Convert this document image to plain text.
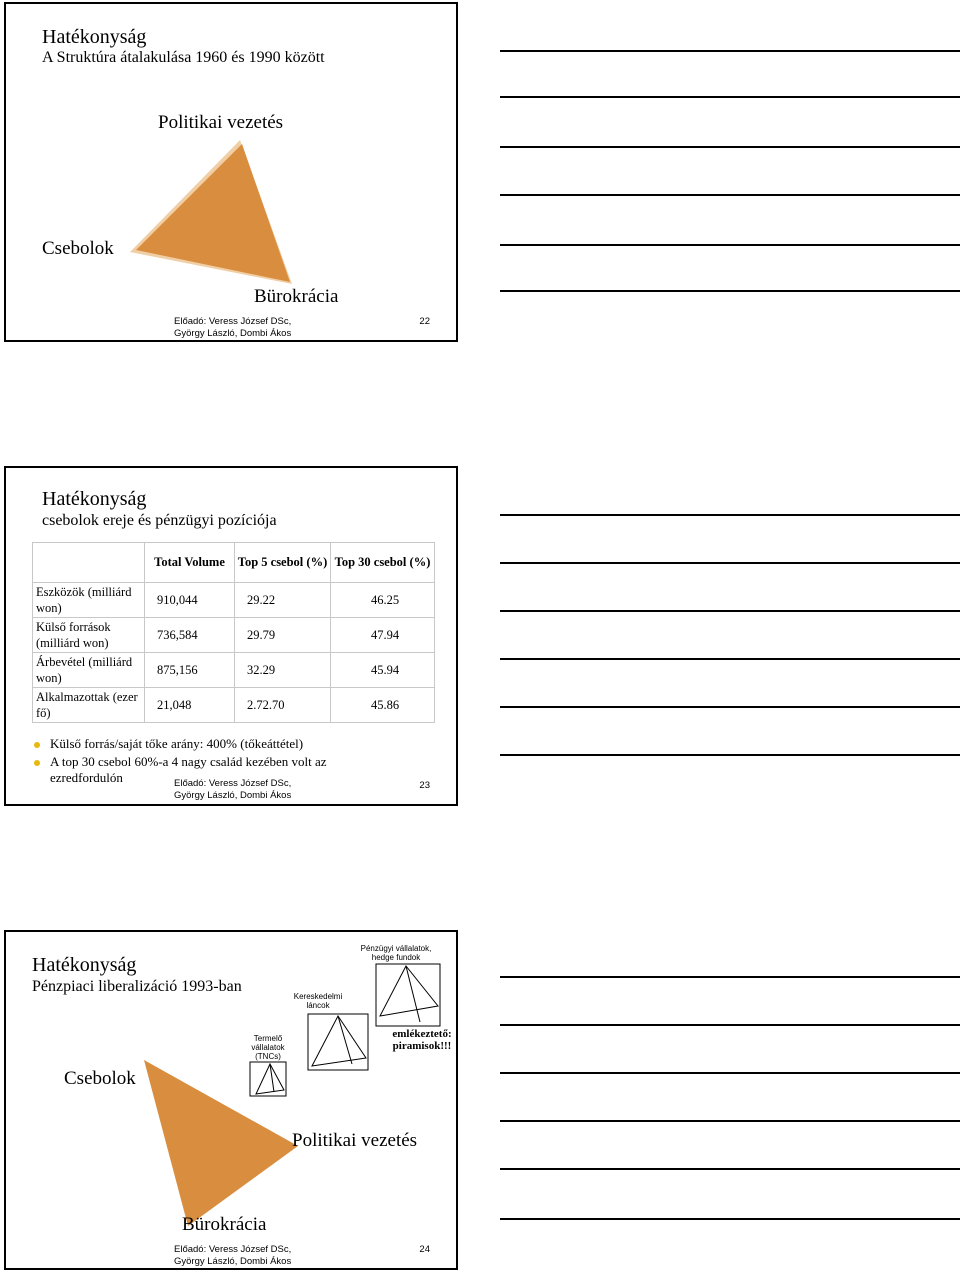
Hatékonyság
A Struktúra átalakulása 1960 és 1990 között
Politikai vezetés
Csebolok
Bürokrácia
Előadó: Veress József DSc,
György László, Dombi Ákos
22
Hatékonyság
csebolok ereje és pénzügyi pozíciója
	Total Volume	Top 5 csebol (%)	Top 30 csebol (%)
Eszközök (milliárd won)	910,044	29.22	46.25
Külső források (milliárd won)	736,584	29.79	47.94
Árbevétel (milliárd won)	875,156	32.29	45.94
Alkalmazottak (ezer fő)	21,048	2.72.70	45.86
Külső forrás/saját tőke arány: 400% (tőkeáttétel)
A top 30 csebol 60%-a 4 nagy család kezében volt az ezredfordulón	Előadó: Veress József DSc,
György László, Dombi Ákos
23
Hatékonyság
Pénzpiaci liberalizáció 1993-ban
Pénzügyi vállalatok, hedge fundok
Kereskedelmi láncok
Termelő vállalatok (TNCs)
emlékeztető: piramisok!!!
Csebolok
Politikai vezetés
Bürokrácia
Előadó: Veress József DSc,
György László, Dombi Ákos
24
